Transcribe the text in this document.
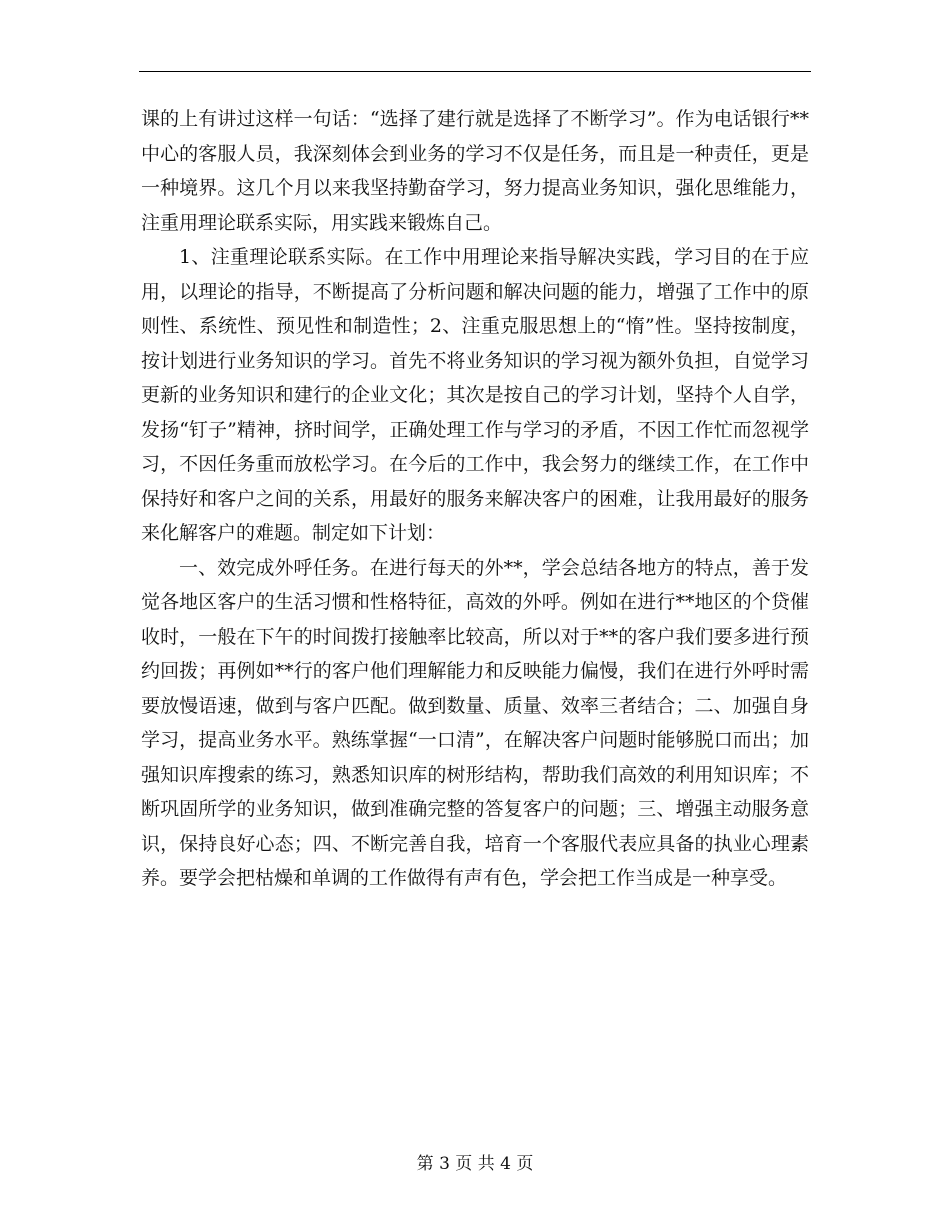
课的上有讲过这样一句话：“选择了建行就是选择了不断学习”。作为电话银行**中心的客服人员，我深刻体会到业务的学习不仅是任务，而且是一种责任，更是一种境界。这几个月以来我坚持勤奋学习，努力提高业务知识，强化思维能力，注重用理论联系实际，用实践来锻炼自己。

1、注重理论联系实际。在工作中用理论来指导解决实践，学习目的在于应用，以理论的指导，不断提高了分析问题和解决问题的能力，增强了工作中的原则性、系统性、预见性和制造性；2、注重克服思想上的“惰”性。坚持按制度，按计划进行业务知识的学习。首先不将业务知识的学习视为额外负担，自觉学习更新的业务知识和建行的企业文化；其次是按自己的学习计划，坚持个人自学，发扬“钉子”精神，挤时间学，正确处理工作与学习的矛盾，不因工作忙而忽视学习，不因任务重而放松学习。在今后的工作中，我会努力的继续工作，在工作中保持好和客户之间的关系，用最好的服务来解决客户的困难，让我用最好的服务来化解客户的难题。制定如下计划：

一、效完成外呼任务。在进行每天的外**，学会总结各地方的特点，善于发觉各地区客户的生活习惯和性格特征，高效的外呼。例如在进行**地区的个贷催收时，一般在下午的时间拨打接触率比较高，所以对于**的客户我们要多进行预约回拨；再例如**行的客户他们理解能力和反映能力偏慢，我们在进行外呼时需要放慢语速，做到与客户匹配。做到数量、质量、效率三者结合；二、加强自身学习，提高业务水平。熟练掌握“一口清”，在解决客户问题时能够脱口而出；加强知识库搜索的练习，熟悉知识库的树形结构，帮助我们高效的利用知识库；不断巩固所学的业务知识，做到准确完整的答复客户的问题；三、增强主动服务意识，保持良好心态；四、不断完善自我，培育一个客服代表应具备的执业心理素养。要学会把枯燥和单调的工作做得有声有色，学会把工作当成是一种享受。

第 3 页 共 4 页
